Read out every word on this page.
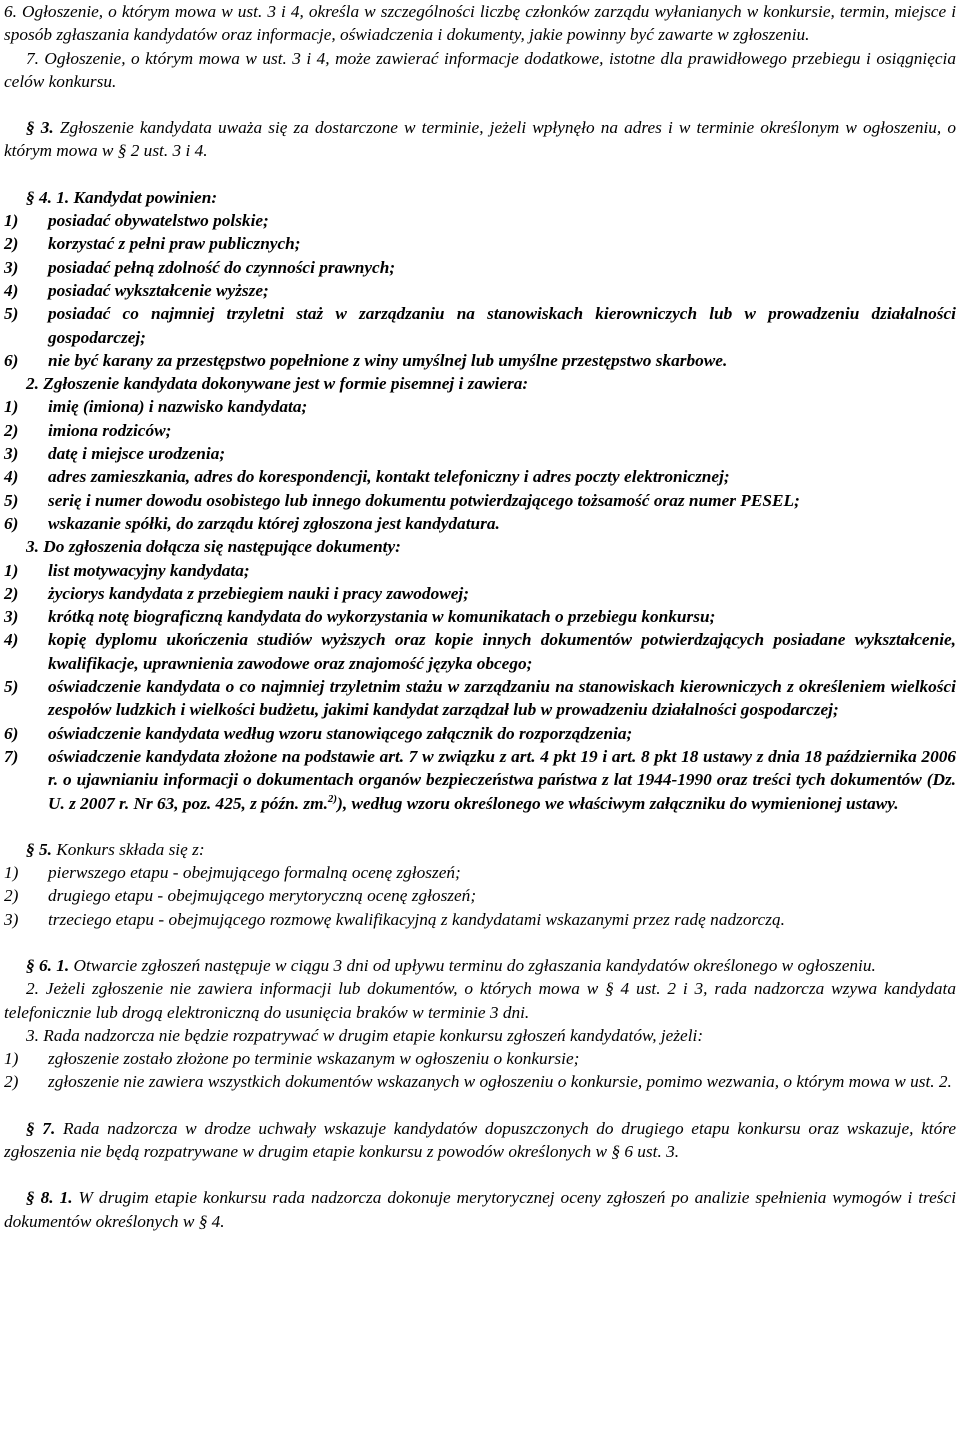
6. Ogłoszenie, o którym mowa w ust. 3 i 4, określa w szczególności liczbę członków zarządu wyłanianych w konkursie, termin, miejsce i sposób zgłaszania kandydatów oraz informacje, oświadczenia i dokumenty, jakie powinny być zawarte w zgłoszeniu.

7. Ogłoszenie, o którym mowa w ust. 3 i 4, może zawierać informacje dodatkowe, istotne dla prawidłowego przebiegu i osiągnięcia celów konkursu.

§ 3. Zgłoszenie kandydata uważa się za dostarczone w terminie, jeżeli wpłynęło na adres i w terminie określonym w ogłoszeniu, o którym mowa w § 2 ust. 3 i 4.

§ 4. 1. Kandydat powinien:

1)	posiadać obywatelstwo polskie;
2)	korzystać z pełni praw publicznych;
3)	posiadać pełną zdolność do czynności prawnych;
4)	posiadać wykształcenie wyższe;
5)	posiadać co najmniej trzyletni staż w zarządzaniu na stanowiskach kierowniczych lub w prowadzeniu działalności gospodarczej;
6)	nie być karany za przestępstwo popełnione z winy umyślnej lub umyślne przestępstwo skarbowe.

2. Zgłoszenie kandydata dokonywane jest w formie pisemnej i zawiera:

1)	imię (imiona) i nazwisko kandydata;
2)	imiona rodziców;
3)	datę i miejsce urodzenia;
4)	adres zamieszkania, adres do korespondencji, kontakt telefoniczny i adres poczty elektronicznej;
5)	serię i numer dowodu osobistego lub innego dokumentu potwierdzającego tożsamość oraz numer PESEL;
6)	wskazanie spółki, do zarządu której zgłoszona jest kandydatura.

3. Do zgłoszenia dołącza się następujące dokumenty:

1)	list motywacyjny kandydata;
2)	życiorys kandydata z przebiegiem nauki i pracy zawodowej;
3)	krótką notę biograficzną kandydata do wykorzystania w komunikatach o przebiegu konkursu;
4)	kopię dyplomu ukończenia studiów wyższych oraz kopie innych dokumentów potwierdzających posiadane wykształcenie, kwalifikacje, uprawnienia zawodowe oraz znajomość języka obcego;
5)	oświadczenie kandydata o co najmniej trzyletnim stażu w zarządzaniu na stanowiskach kierowniczych z określeniem wielkości zespołów ludzkich i wielkości budżetu, jakimi kandydat zarządzał lub w prowadzeniu działalności gospodarczej;
6)	oświadczenie kandydata według wzoru stanowiącego załącznik do rozporządzenia;
7)	oświadczenie kandydata złożone na podstawie art. 7 w związku z art. 4 pkt 19 i art. 8 pkt 18 ustawy z dnia 18 października 2006 r. o ujawnianiu informacji o dokumentach organów bezpieczeństwa państwa z lat 1944-1990 oraz treści tych dokumentów (Dz. U. z 2007 r. Nr 63, poz. 425, z późn. zm.$^{2)}$), według wzoru określonego we właściwym załączniku do wymienionej ustawy.

§ 5. Konkurs składa się z:

1)	pierwszego etapu - obejmującego formalną ocenę zgłoszeń;
2)	drugiego etapu - obejmującego merytoryczną ocenę zgłoszeń;
3)	trzeciego etapu - obejmującego rozmowę kwalifikacyjną z kandydatami wskazanymi przez radę nadzorczą.

§ 6. 1. Otwarcie zgłoszeń następuje w ciągu 3 dni od upływu terminu do zgłaszania kandydatów określonego w ogłoszeniu.

2. Jeżeli zgłoszenie nie zawiera informacji lub dokumentów, o których mowa w § 4 ust. 2 i 3, rada nadzorcza wzywa kandydata telefonicznie lub drogą elektroniczną do usunięcia braków w terminie 3 dni.

3. Rada nadzorcza nie będzie rozpatrywać w drugim etapie konkursu zgłoszeń kandydatów, jeżeli:

1)	zgłoszenie zostało złożone po terminie wskazanym w ogłoszeniu o konkursie;
2)	zgłoszenie nie zawiera wszystkich dokumentów wskazanych w ogłoszeniu o konkursie, pomimo wezwania, o którym mowa w ust. 2.

§ 7. Rada nadzorcza w drodze uchwały wskazuje kandydatów dopuszczonych do drugiego etapu konkursu oraz wskazuje, które zgłoszenia nie będą rozpatrywane w drugim etapie konkursu z powodów określonych w § 6 ust. 3.

§ 8. 1. W drugim etapie konkursu rada nadzorcza dokonuje merytorycznej oceny zgłoszeń po analizie spełnienia wymogów i treści dokumentów określonych w § 4.
